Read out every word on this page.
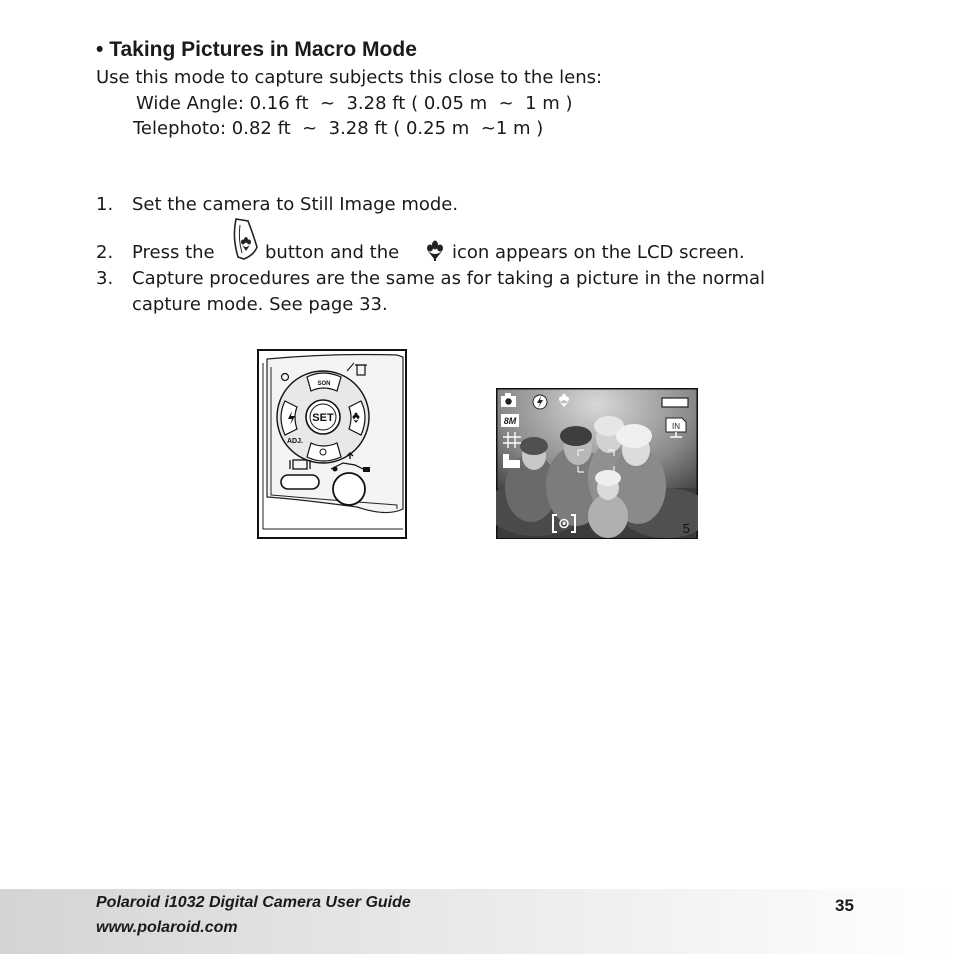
• Taking Pictures in Macro Mode
Use this mode to capture subjects this close to the lens:
Wide Angle: 0.16 ft  ~  3.28 ft ( 0.05 m  ~  1 m )
Telephoto: 0.82 ft  ~  3.28 ft ( 0.25 m  ~1 m )
1. Set the camera to Still Image mode.
2. Press the	button and the	icon appears on the LCD screen.
3. Capture procedures are the same as for taking a picture in the normal
capture mode. See page 33.
SET
SON
ADJ.
8M
IN
5
Polaroid i1032 Digital Camera User Guide
www.polaroid.com
35
